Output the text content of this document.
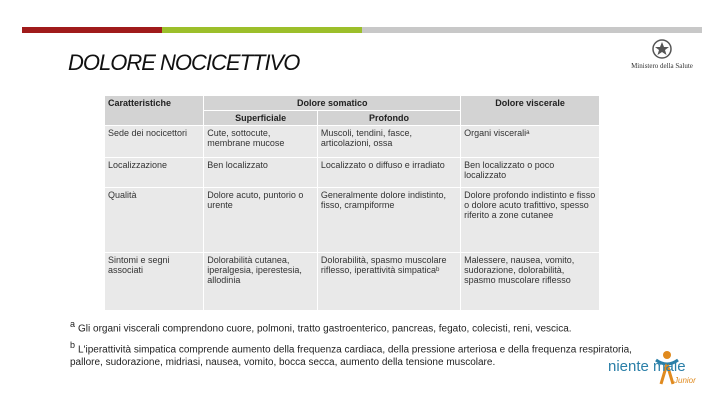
DOLORE NOCICETTIVO	Ministero della Salute
Caratteristiche	Dolore somatico		Dolore viscerale
	Superficiale	Profondo	
Sede dei nocicettori	Cute, sottocute, membrane mucose	Muscoli, tendini, fasce, articolazioni, ossa	Organi visceraliᵃ
Localizzazione	Ben localizzato	Localizzato o diffuso e irradiato	Ben localizzato o poco localizzato
Qualità	Dolore acuto, puntorio o urente	Generalmente dolore indistinto, fisso, crampiforme	Dolore profondo indistinto e fisso o dolore acuto trafittivo, spesso riferito a zone cutanee
Sintomi e segni associati	Dolorabilità cutanea, iperalgesia, iperestesia, allodinia	Dolorabilità, spasmo muscolare riflesso, iperattività simpaticaᵇ	Malessere, nausea, vomito, sudorazione, dolorabilità, spasmo muscolare riflesso

a Gli organi viscerali comprendono cuore, polmoni, tratto gastroenterico, pancreas, fegato, colecisti, reni, vescica.

b L'iperattività simpatica comprende aumento della frequenza cardiaca, della pressione arteriosa e della frequenza respiratoria, pallore, sudorazione, midriasi, nausea, vomito, bocca secca, aumento della tensione muscolare.	niente male
Junior
